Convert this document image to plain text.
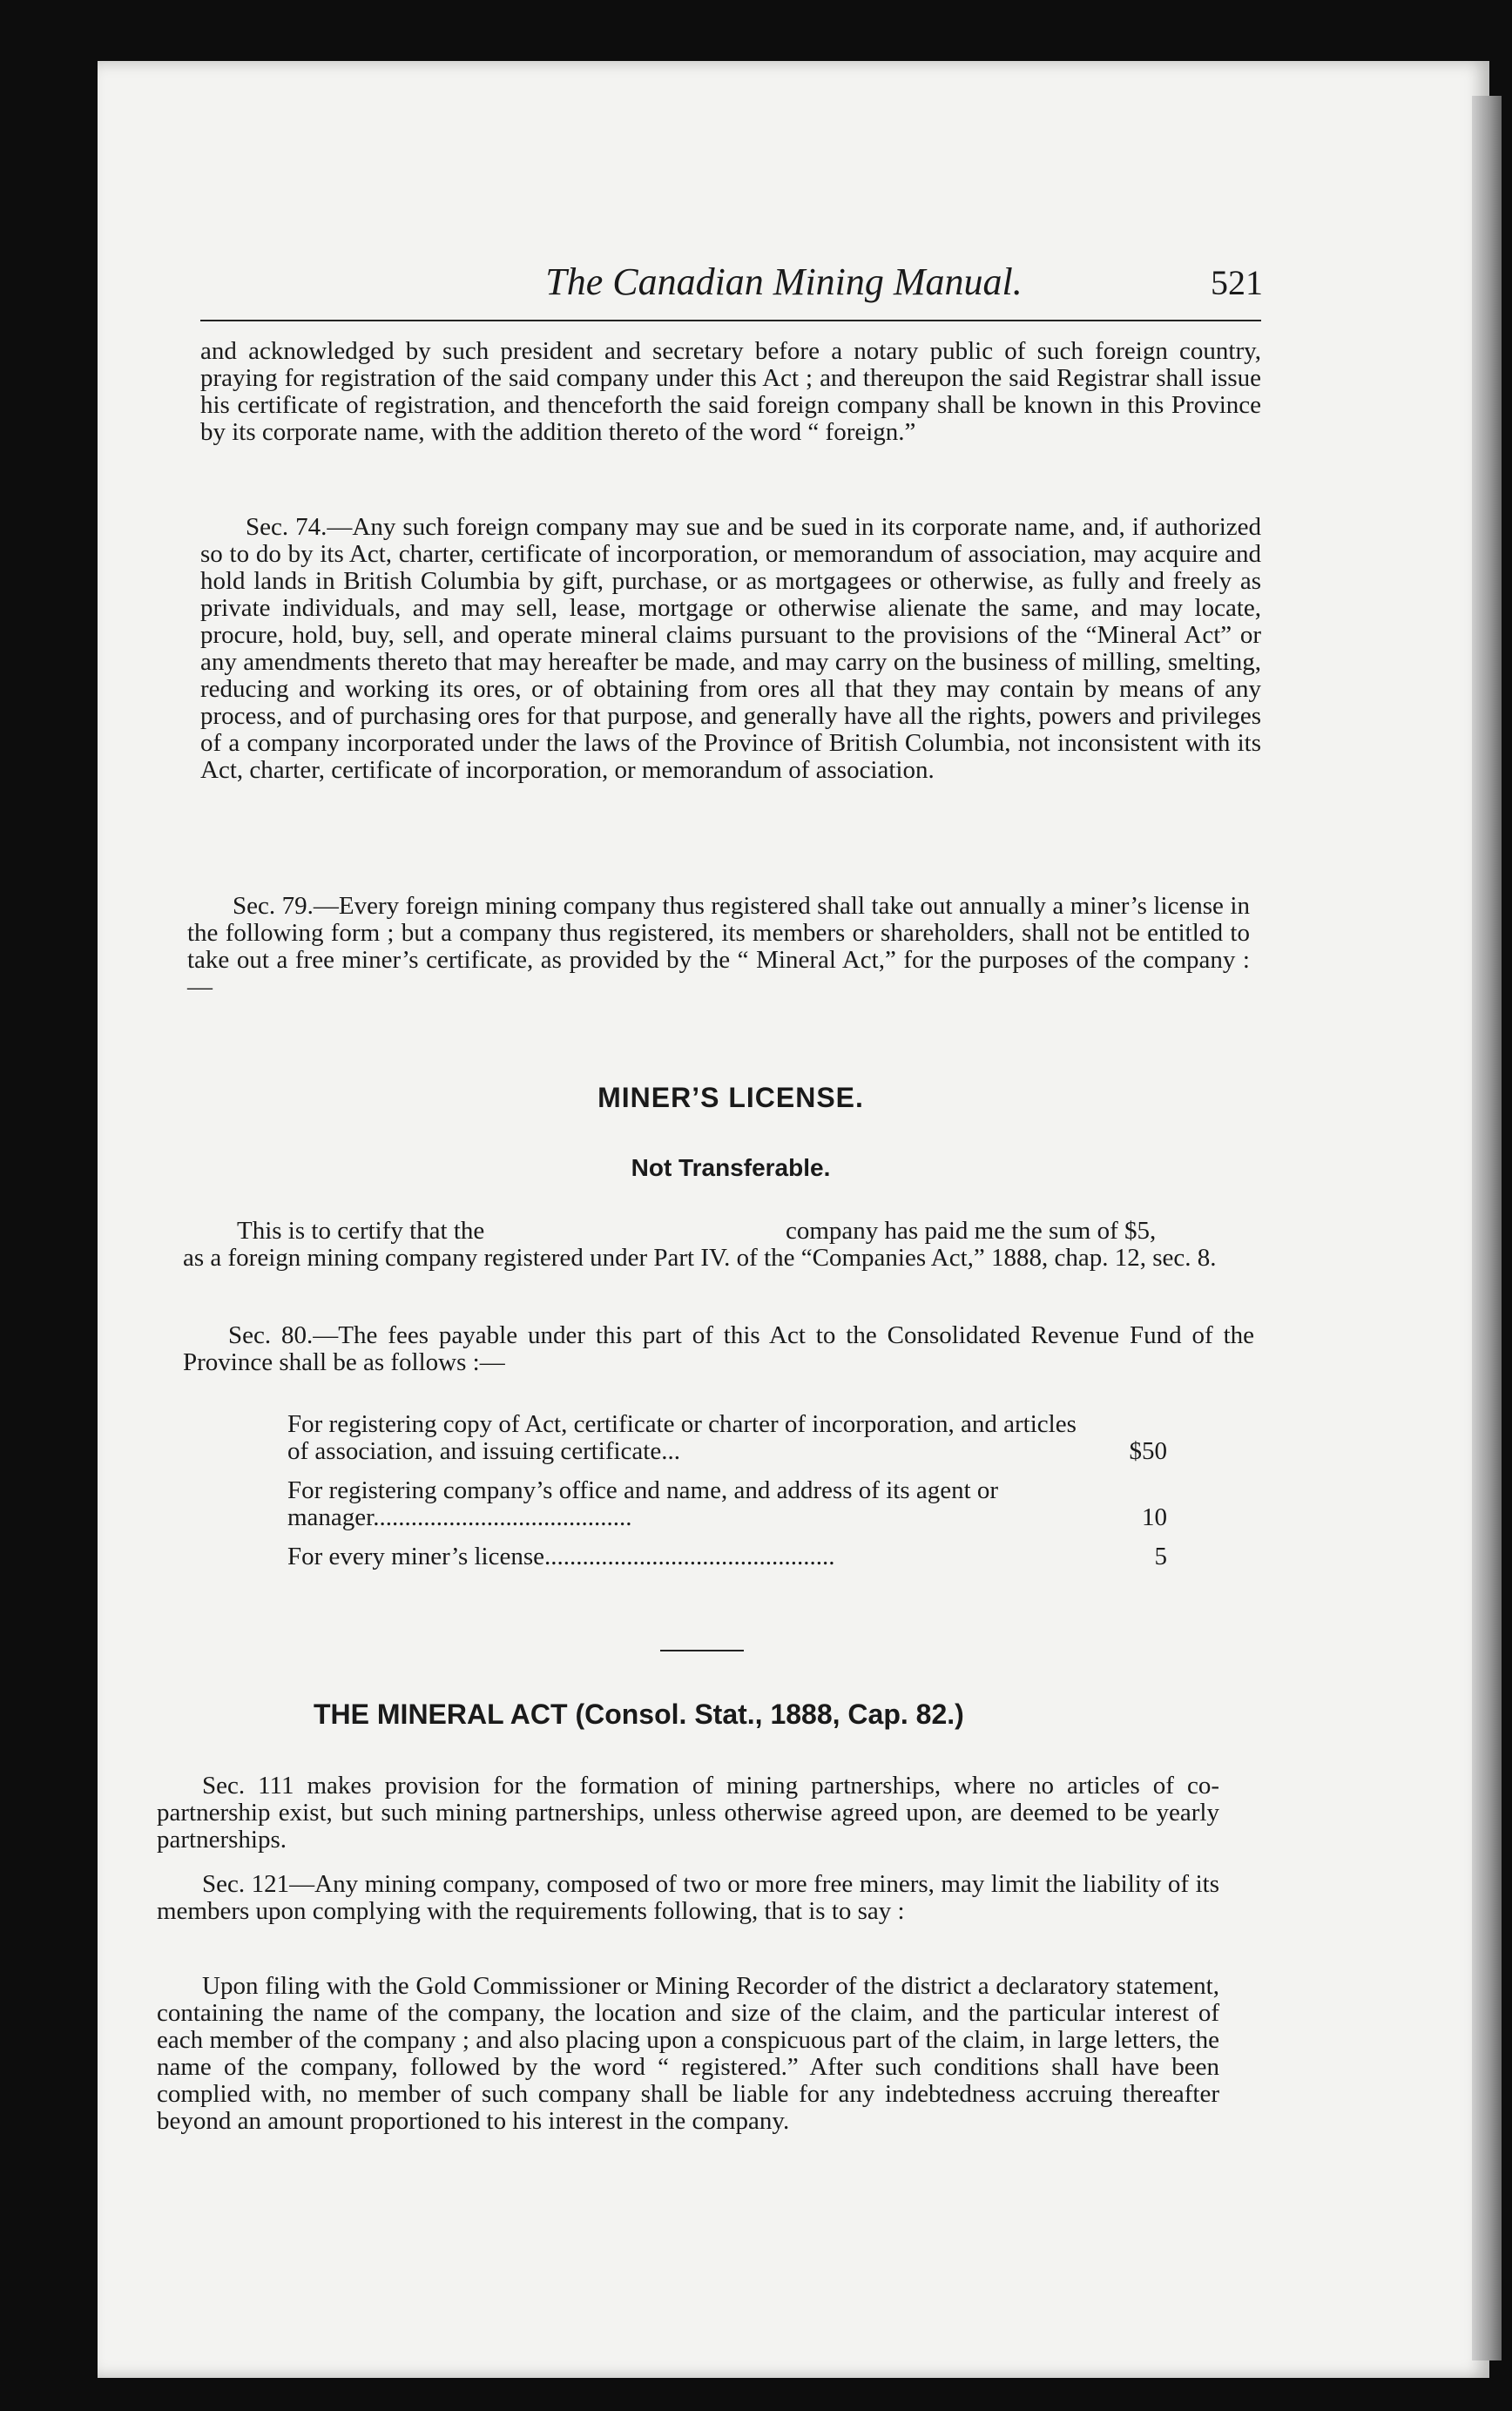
The Canadian Mining Manual.	521

and acknowledged by such president and secretary before a notary public of such foreign country, praying for registration of the said company under this Act ; and thereupon the said Registrar shall issue his certificate of registration, and thenceforth the said foreign company shall be known in this Province by its corporate name, with the addition thereto of the word “ foreign.”

Sec. 74.—Any such foreign company may sue and be sued in its corporate name, and, if authorized so to do by its Act, charter, certificate of incorporation, or memorandum of association, may acquire and hold lands in British Columbia by gift, purchase, or as mortgagees or otherwise, as fully and freely as private individuals, and may sell, lease, mortgage or otherwise alienate the same, and may locate, procure, hold, buy, sell, and operate mineral claims pursuant to the provisions of the “Mineral Act” or any amendments thereto that may hereafter be made, and may carry on the business of milling, smelting, reducing and working its ores, or of obtaining from ores all that they may contain by means of any process, and of purchasing ores for that purpose, and generally have all the rights, powers and privileges of a company incorporated under the laws of the Province of British Columbia, not inconsistent with its Act, charter, certificate of incorporation, or memorandum of association.

Sec. 79.—Every foreign mining company thus registered shall take out annually a miner’s license in the following form ; but a company thus registered, its members or shareholders, shall not be entitled to take out a free miner’s certificate, as provided by the “ Mineral Act,” for the purposes of the company :—

MINER’S LICENSE.
Not Transferable.
This is to certify that the	company has paid me the sum of $5,
as a foreign mining company registered under Part IV. of the “Companies Act,” 1888, chap. 12, sec. 8.

Sec. 80.—The fees payable under this part of this Act to the Consolidated Revenue Fund of the Province shall be as follows :—

For registering copy of Act, certificate or charter of incorporation, and articles of association, and issuing certificate...	$50
For registering company’s office and name, and address of its agent or manager.........................................	10
For every miner’s license..............................................	5
THE MINERAL ACT (Consol. Stat., 1888, Cap. 82.)

Sec. 111 makes provision for the formation of mining partnerships, where no articles of co-partnership exist, but such mining partnerships, unless otherwise agreed upon, are deemed to be yearly partnerships.

Sec. 121—Any mining company, composed of two or more free miners, may limit the liability of its members upon complying with the requirements following, that is to say :

Upon filing with the Gold Commissioner or Mining Recorder of the district a declaratory statement, containing the name of the company, the location and size of the claim, and the particular interest of each member of the company ; and also placing upon a conspicuous part of the claim, in large letters, the name of the company, followed by the word “ registered.” After such conditions shall have been complied with, no member of such company shall be liable for any indebtedness accruing thereafter beyond an amount proportioned to his interest in the company.
